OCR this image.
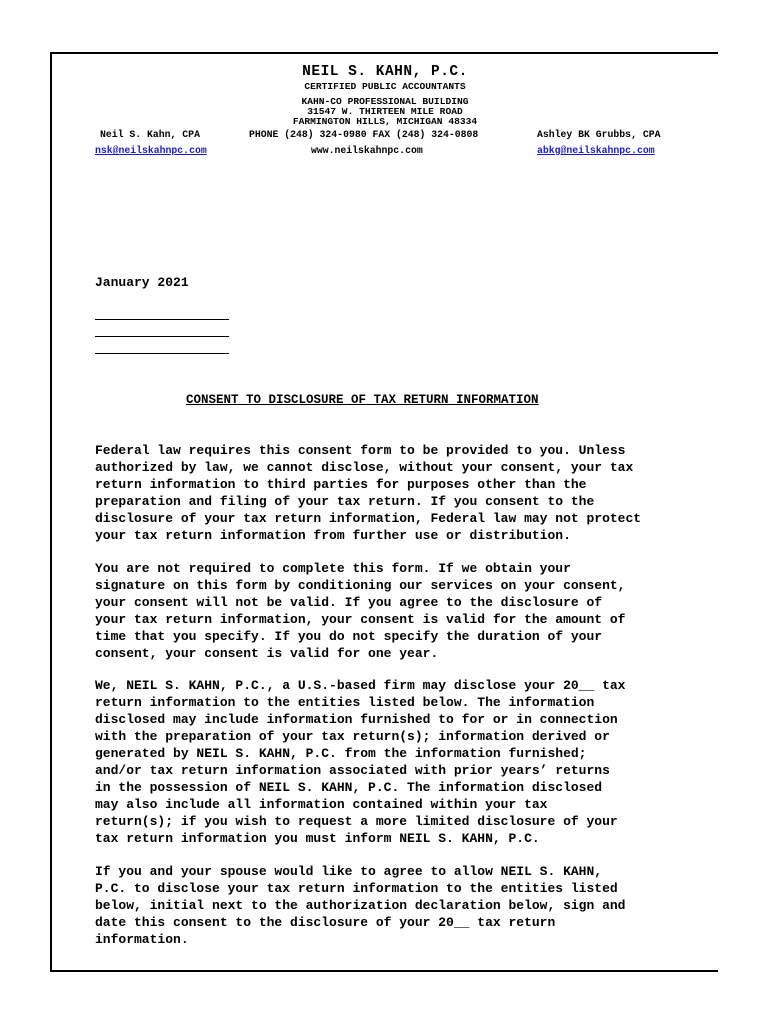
NEIL S. KAHN, P.C.
CERTIFIED PUBLIC ACCOUNTANTS
KAHN-CO PROFESSIONAL BUILDING
31547 W. THIRTEEN MILE ROAD
FARMINGTON HILLS, MICHIGAN 48334
Neil S. Kahn, CPA	PHONE (248) 324-0980 FAX (248) 324-0808	Ashley BK Grubbs, CPA
nsk@neilskahnpc.com	www.neilskahnpc.com	abkg@neilskahnpc.com
January 2021
CONSENT TO DISCLOSURE OF TAX RETURN INFORMATION

Federal law requires this consent form to be provided to you. Unless
authorized by law, we cannot disclose, without your consent, your tax
return information to third parties for purposes other than the
preparation and filing of your tax return. If you consent to the
disclosure of your tax return information, Federal law may not protect
your tax return information from further use or distribution.

You are not required to complete this form. If we obtain your
signature on this form by conditioning our services on your consent,
your consent will not be valid. If you agree to the disclosure of
your tax return information, your consent is valid for the amount of
time that you specify. If you do not specify the duration of your
consent, your consent is valid for one year.

We, NEIL S. KAHN, P.C., a U.S.-based firm may disclose your 20__ tax
return information to the entities listed below. The information
disclosed may include information furnished to for or in connection
with the preparation of your tax return(s); information derived or
generated by NEIL S. KAHN, P.C. from the information furnished;
and/or tax return information associated with prior years’ returns
in the possession of NEIL S. KAHN, P.C. The information disclosed
may also include all information contained within your tax
return(s); if you wish to request a more limited disclosure of your
tax return information you must inform NEIL S. KAHN, P.C.

If you and your spouse would like to agree to allow NEIL S. KAHN,
P.C. to disclose your tax return information to the entities listed
below, initial next to the authorization declaration below, sign and
date this consent to the disclosure of your 20__ tax return
information.
